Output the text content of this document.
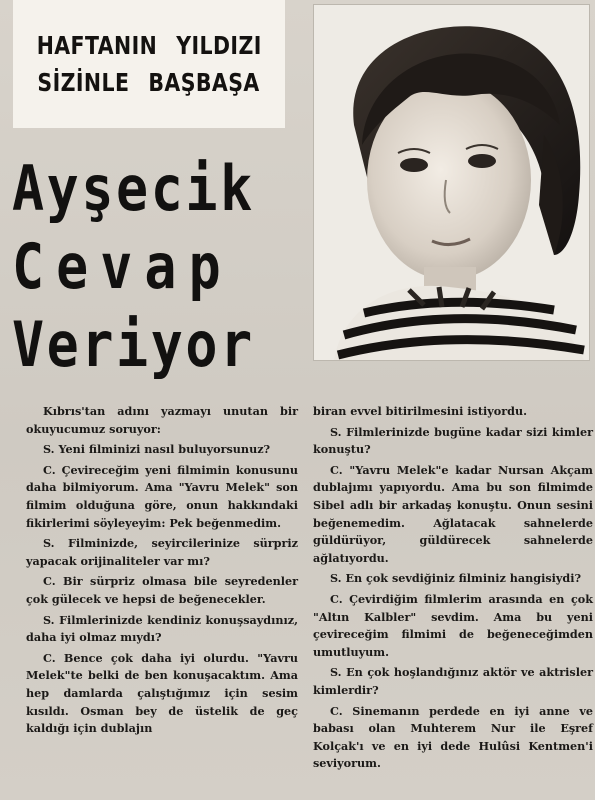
HAFTANIN YILDIZI
SİZİNLE BAŞBAŞA
Ayşecik
Cevap
Veriyor

Kıbrıs'tan adını yazmayı unutan bir okuyucumuz soruyor:

S. Yeni filminizi nasıl buluyorsunuz?

C. Çevireceğim yeni filmimin konusunu daha bilmiyorum. Ama "Yavru Melek" son filmim olduğuna göre, onun hakkındaki fikirlerimi söyleyeyim: Pek beğenmedim.

S. Filminizde, seyircilerinize sürpriz yapacak orijinaliteler var mı?

C. Bir sürpriz olmasa bile seyredenler çok gülecek ve hepsi de beğenecekler.

S. Filmlerinizde kendiniz konuşsaydınız, daha iyi olmaz mıydı?

C. Bence çok daha iyi olurdu. "Yavru Melek"te belki de ben konuşacaktım. Ama hep damlarda çalıştığımız için sesim kısıldı. Osman bey de üstelik de geç kaldığı için dublajın

biran evvel bitirilmesini istiyordu.

S. Filmlerinizde bugüne kadar sizi kimler konuştu?

C. "Yavru Melek"e kadar Nursan Akçam dublajımı yapıyordu. Ama bu son filmimde Sibel adlı bir arkadaş konuştu. Onun sesini beğenemedim. Ağlatacak sahnelerde güldürüyor, güldürecek sahnelerde ağlatıyordu.

S. En çok sevdiğiniz filminiz hangisiydi?

C. Çevirdiğim filmlerim arasında en çok "Altın Kalbler" sevdim. Ama bu yeni çevireceğim filmimi de beğeneceğimden umutluyum.

S. En çok hoşlandığınız aktör ve aktrisler kimlerdir?

C. Sinemanın perdede en iyi anne ve babası olan Muhterem Nur ile Eşref Kolçak'ı ve en iyi dede Hulûsi Kentmen'i seviyorum.
